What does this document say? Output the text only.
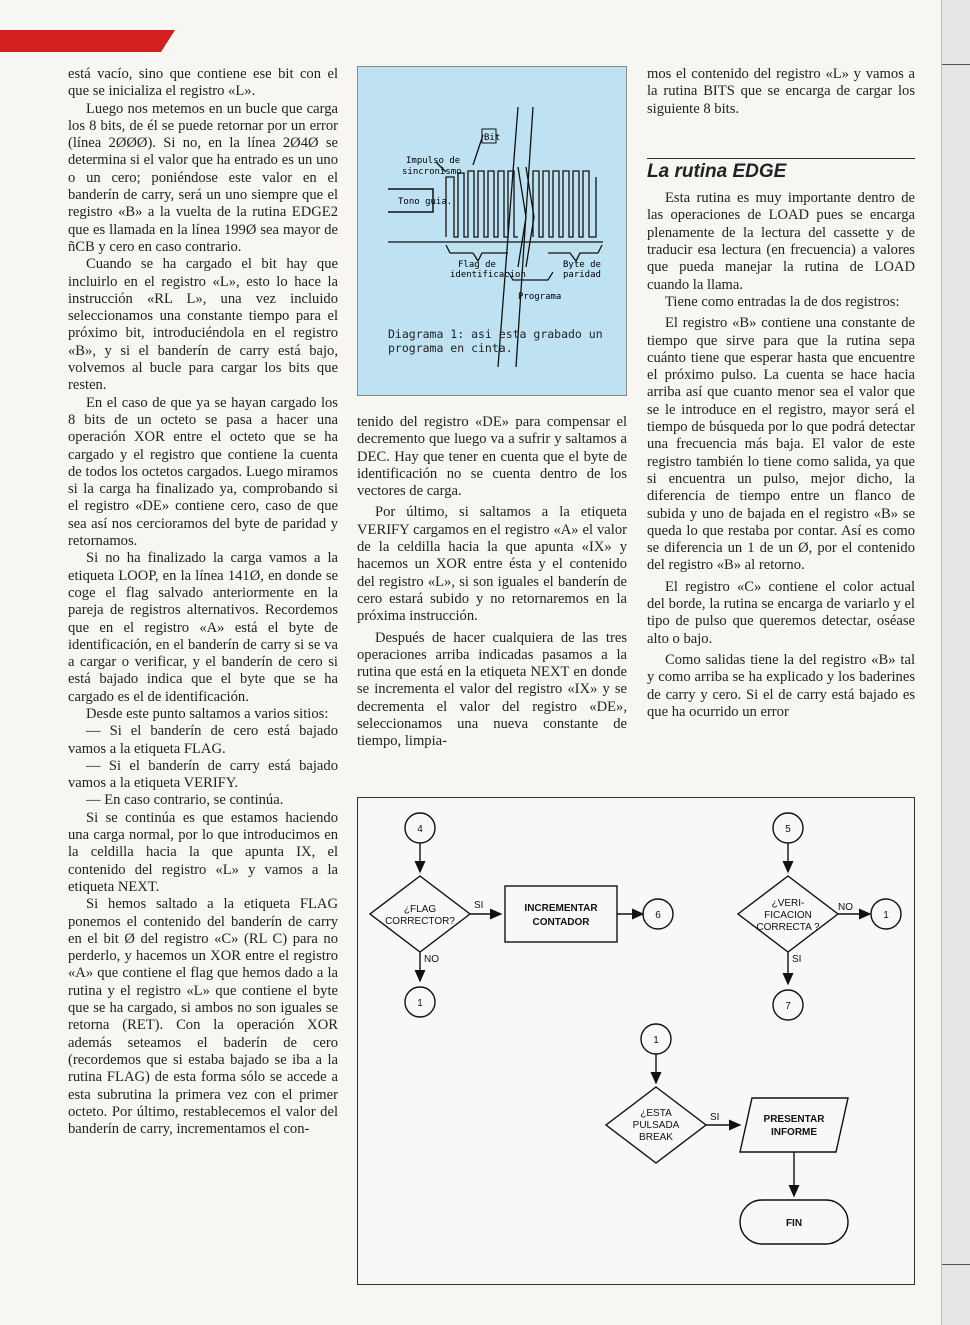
está vacío, sino que contiene ese bit con el que se inicializa el registro «L».

Luego nos metemos en un bucle que carga los 8 bits, de él se puede retornar por un error (línea 2ØØØ). Si no, en la línea 2Ø4Ø se determina si el valor que ha entrado es un uno o un cero; poniéndose este valor en el banderín de carry, será un uno siempre que el registro «B» a la vuelta de la rutina EDGE2 que es llamada en la línea 199Ø sea mayor de ñCB y cero en caso contrario.

Cuando se ha cargado el bit hay que incluirlo en el registro «L», esto lo hace la instrucción «RL L», una vez incluido seleccionamos una constante tiempo para el próximo bit, introduciéndola en el registro «B», y si el banderín de carry está bajo, volvemos al bucle para cargar los bits que resten.

En el caso de que ya se hayan cargado los 8 bits de un octeto se pasa a hacer una operación XOR entre el octeto que se ha cargado y el registro que contiene la cuenta de todos los octetos cargados. Luego miramos si la carga ha finalizado ya, comprobando si el registro «DE» contiene cero, caso de que sea así nos cercioramos del byte de paridad y retornamos.

Si no ha finalizado la carga vamos a la etiqueta LOOP, en la línea 141Ø, en donde se coge el flag salvado anteriormente en la pareja de registros alternativos. Recordemos que en el registro «A» está el byte de identificación, en el banderín de carry si se va a cargar o verificar, y el banderín de cero si está bajado indica que el byte que se ha cargado es el de identificación.

Desde este punto saltamos a varios sitios:

— Si el banderín de cero está bajado vamos a la etiqueta FLAG.

— Si el banderín de carry está bajado vamos a la etiqueta VERIFY.

— En caso contrario, se continúa.

Si se continúa es que estamos haciendo una carga normal, por lo que introducimos en la celdilla hacia la que apunta IX, el contenido del registro «L» y vamos a la etiqueta NEXT.

Si hemos saltado a la etiqueta FLAG ponemos el contenido del banderín de carry en el bit Ø del registro «C» (RL C) para no perderlo, y hacemos un XOR entre el registro «A» que contiene el flag que hemos dado a la rutina y el registro «L» que contiene el byte que se ha cargado, si ambos no son iguales se retorna (RET). Con la operación XOR además seteamos el baderín de cero (recordemos que si estaba bajado se iba a la rutina FLAG) de esta forma sólo se accede a esta subrutina la primera vez con el primer octeto. Por último, restablecemos el valor del banderín de carry, incrementamos el con-

Bit
Impulso de
sincronismo
Tono guia.
Flag de
identificacion
Byte de
paridad
Programa
Diagrama 1: asi esta grabado un programa en cinta.

tenido del registro «DE» para compensar el decremento que luego va a sufrir y saltamos a DEC. Hay que tener en cuenta que el byte de identificación no se cuenta dentro de los vectores de carga.

Por último, si saltamos a la etiqueta VERIFY cargamos en el registro «A» el valor de la celdilla hacia la que apunta «IX» y hacemos un XOR entre ésta y el contenido del registro «L», si son iguales el banderín de cero estará subido y no retornaremos en la próxima instrucción.

Después de hacer cualquiera de las tres operaciones arriba indicadas pasamos a la rutina que está en la etiqueta NEXT en donde se incrementa el valor del registro «IX» y se decrementa el valor del registro «DE», seleccionamos una nueva constante de tiempo, limpia-

mos el contenido del registro «L» y vamos a la rutina BITS que se encarga de cargar los siguiente 8 bits.

La rutina EDGE

Esta rutina es muy importante dentro de las operaciones de LOAD pues se encarga plenamente de la lectura del cassette y de traducir esa lectura (en frecuencia) a valores que pueda manejar la rutina de LOAD cuando la llama.

Tiene como entradas la de dos registros:

El registro «B» contiene una constante de tiempo que sirve para que la rutina sepa cuánto tiene que esperar hasta que encuentre el próximo pulso. La cuenta se hace hacia arriba así que cuanto menor sea el valor que se le introduce en el registro, mayor será el tiempo de búsqueda por lo que podrá detectar una frecuencia más baja. El valor de este registro también lo tiene como salida, ya que si encuentra un pulso, mejor dicho, la diferencia de tiempo entre un flanco de subida y uno de bajada en el registro «B» se queda lo que restaba por contar. Así es como se diferencia un 1 de un Ø, por el contenido del registro «B» al retorno.

El registro «C» contiene el color actual del borde, la rutina se encarga de variarlo y el tipo de pulso que queremos detectar, oséase alto o bajo.

Como salidas tiene la del registro «B» tal y como arriba se ha explicado y los baderines de carry y cero. Si el de carry está bajado es que ha ocurrido un error

4	5
6	1
1	7
1
¿FLAG
CORRECTOR?
¿VERI-
FICACION
CORRECTA ?
¿ESTA
PULSADA
BREAK
INCREMENTAR
CONTADOR
PRESENTAR
INFORME
FIN
SI
NO
NO
SI
SI
